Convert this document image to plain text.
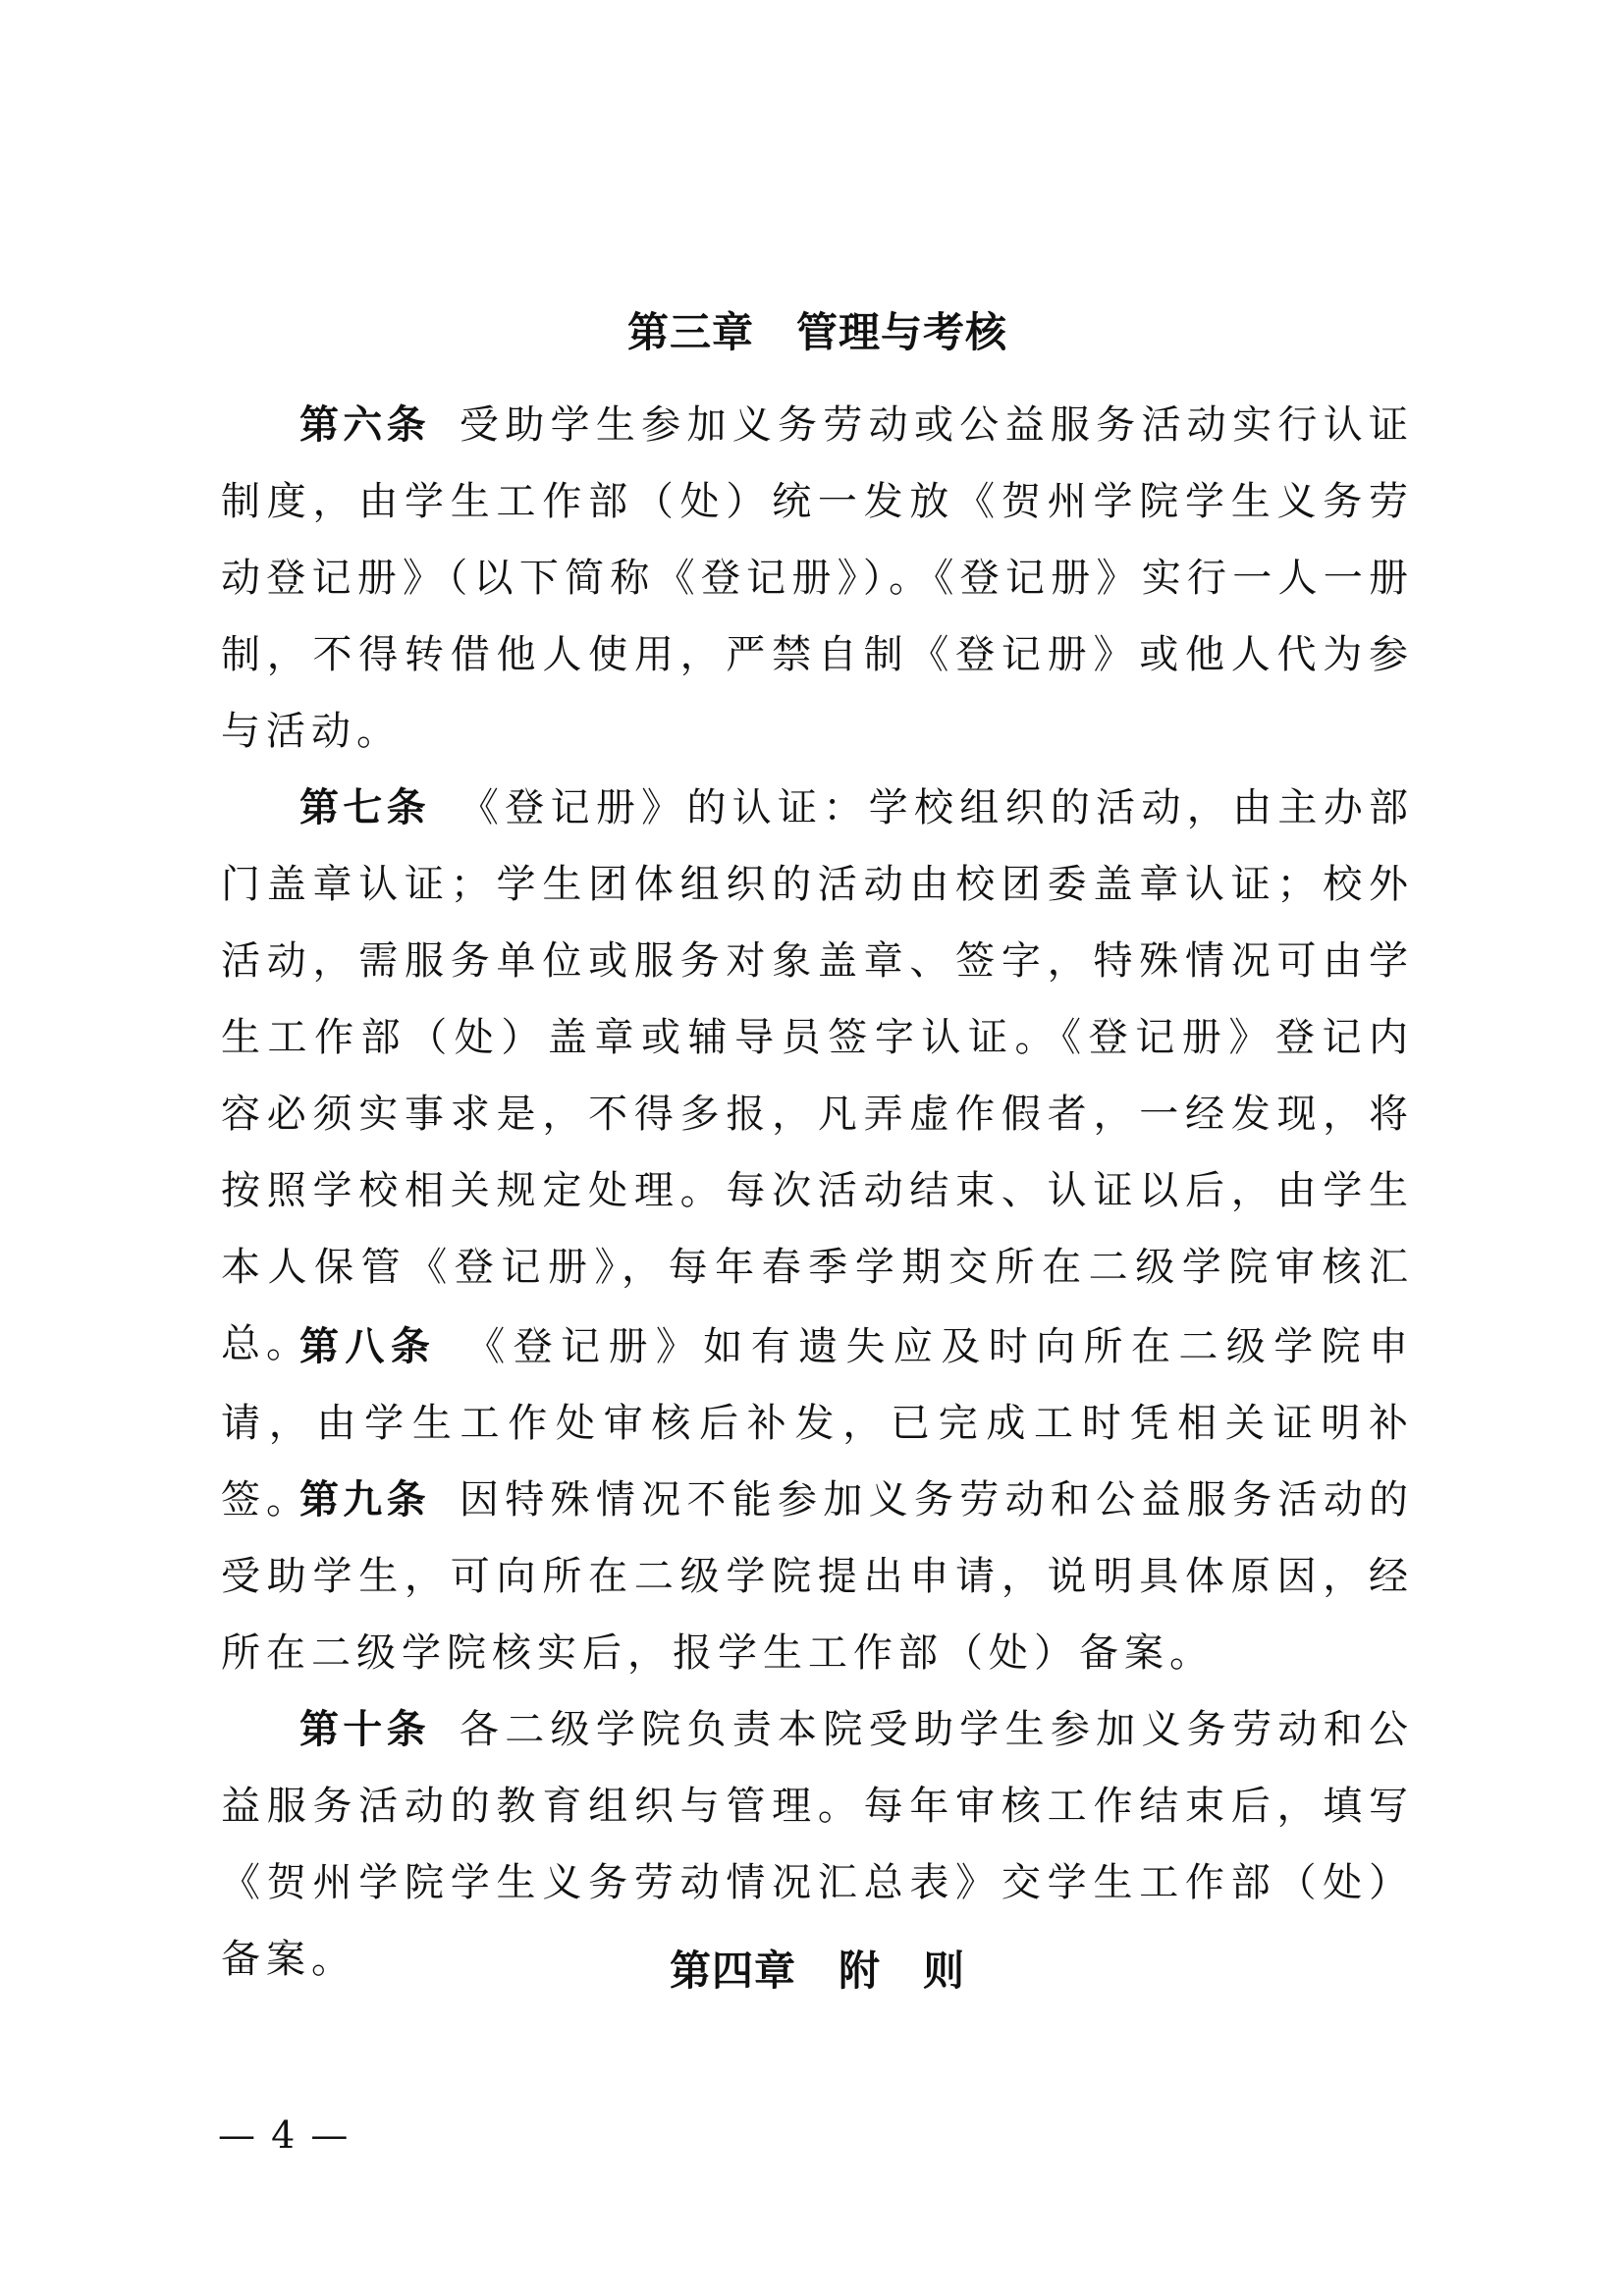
第三章　管理与考核

第六条 受助学生参加义务劳动或公益服务活动实行认证制度，由学生工作部（处）统一发放《贺州学院学生义务劳动登记册》（以下简称《登记册》）。《登记册》实行一人一册制，不得转借他人使用，严禁自制《登记册》或他人代为参与活动。

第七条 《登记册》的认证：学校组织的活动，由主办部门盖章认证；学生团体组织的活动由校团委盖章认证；校外活动，需服务单位或服务对象盖章、签字，特殊情况可由学生工作部（处）盖章或辅导员签字认证。《登记册》登记内容必须实事求是，不得多报，凡弄虚作假者，一经发现，将按照学校相关规定处理。每次活动结束、认证以后，由学生本人保管《登记册》，每年春季学期交所在二级学院审核汇总。

第八条 《登记册》如有遗失应及时向所在二级学院申请，由学生工作处审核后补发，已完成工时凭相关证明补签。

第九条 因特殊情况不能参加义务劳动和公益服务活动的受助学生，可向所在二级学院提出申请，说明具体原因，经所在二级学院核实后，报学生工作部（处）备案。

第十条 各二级学院负责本院受助学生参加义务劳动和公益服务活动的教育组织与管理。每年审核工作结束后，填写《贺州学院学生义务劳动情况汇总表》交学生工作部（处）备案。	第四章　附　则
— 4 —
